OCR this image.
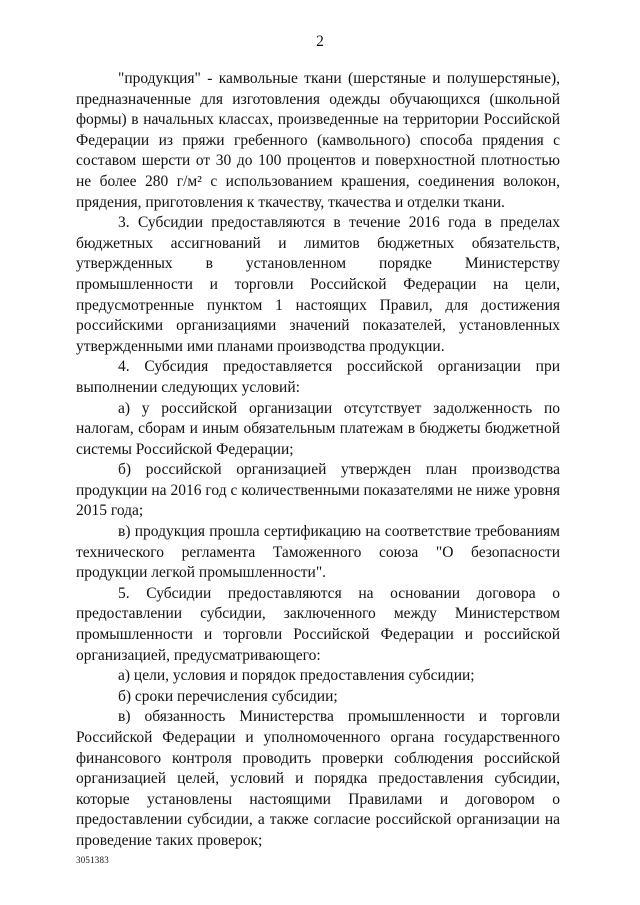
2

"продукция" - камвольные ткани (шерстяные и полушерстяные), предназначенные для изготовления одежды обучающихся (школьной формы) в начальных классах, произведенные на территории Российской Федерации из пряжи гребенного (камвольного) способа прядения с составом шерсти от 30 до 100 процентов и поверхностной плотностью не более 280 г/м² с использованием крашения, соединения волокон, прядения, приготовления к ткачеству, ткачества и отделки ткани.

3. Субсидии предоставляются в течение 2016 года в пределах бюджетных ассигнований и лимитов бюджетных обязательств, утвержденных в установленном порядке Министерству промышленности и торговли Российской Федерации на цели, предусмотренные пунктом 1 настоящих Правил, для достижения российскими организациями значений показателей, установленных утвержденными ими планами производства продукции.

4. Субсидия предоставляется российской организации при выполнении следующих условий:

а) у российской организации отсутствует задолженность по налогам, сборам и иным обязательным платежам в бюджеты бюджетной системы Российской Федерации;

б) российской организацией утвержден план производства продукции на 2016 год с количественными показателями не ниже уровня 2015 года;

в) продукция прошла сертификацию на соответствие требованиям технического регламента Таможенного союза "О безопасности продукции легкой промышленности".

5. Субсидии предоставляются на основании договора о предоставлении субсидии, заключенного между Министерством промышленности и торговли Российской Федерации и российской организацией, предусматривающего:

а) цели, условия и порядок предоставления субсидии;

б) сроки перечисления субсидии;

в) обязанность Министерства промышленности и торговли Российской Федерации и уполномоченного органа государственного финансового контроля проводить проверки соблюдения российской организацией целей, условий и порядка предоставления субсидии, которые установлены настоящими Правилами и договором о предоставлении субсидии, а также согласие российской организации на проведение таких проверок;

3051383
